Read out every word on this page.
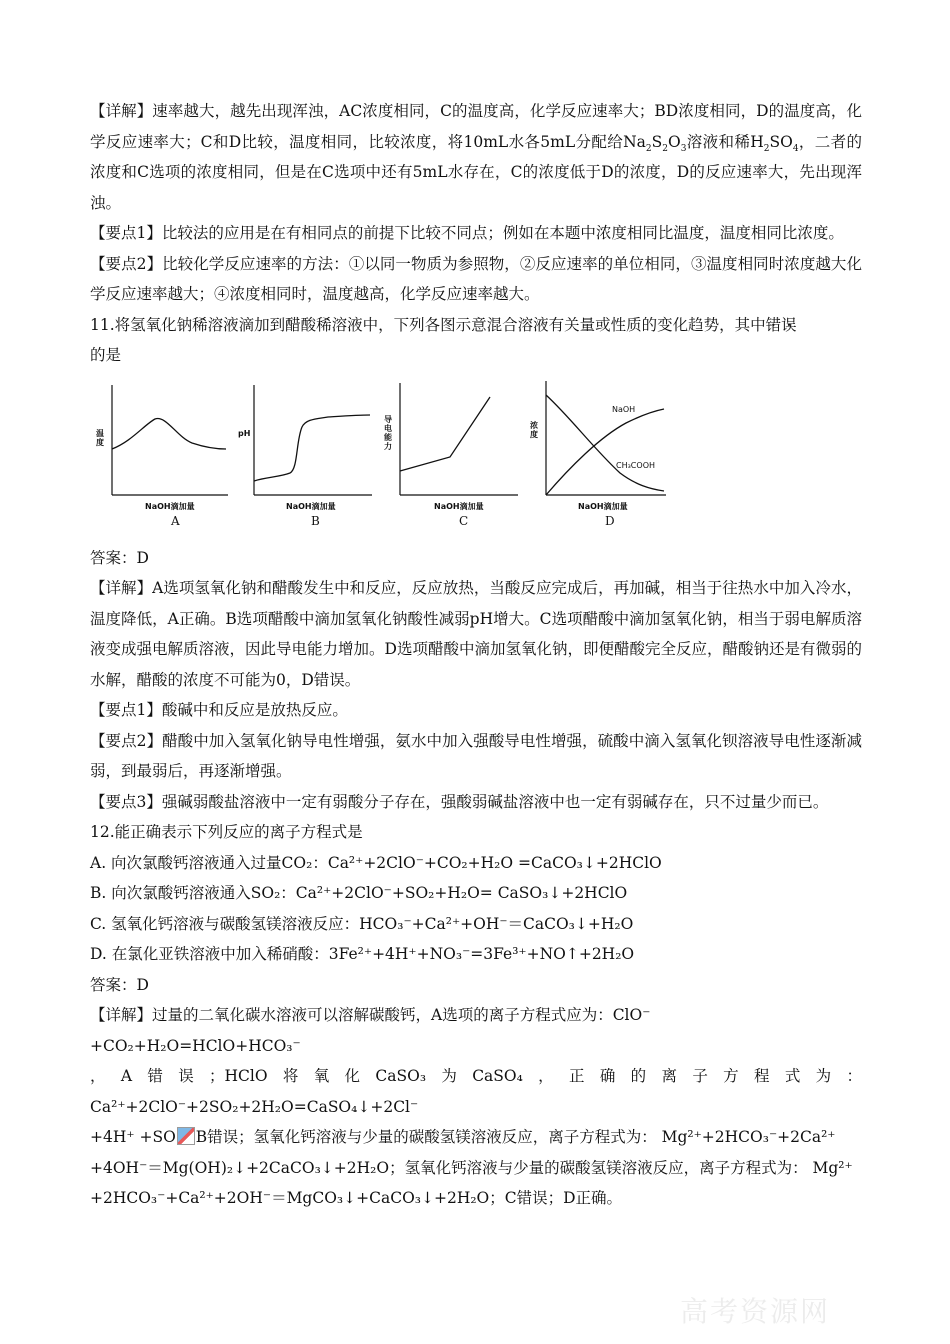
【详解】速率越大，越先出现浑浊，AC浓度相同，C的温度高，化学反应速率大；BD浓度相同，D的温度高，化学反应速率大；C和D比较，温度相同，比较浓度，将10mL水各5mL分配给$Na_2S_2O_3$溶液和稀$H_2SO_4$，二者的浓度和C选项的浓度相同，但是在C选项中还有5mL水存在，C的浓度低于D的浓度，D的反应速率大，先出现浑浊。

【要点1】比较法的应用是在有相同点的前提下比较不同点；例如在本题中浓度相同比温度，温度相同比浓度。

【要点2】比较化学反应速率的方法：①以同一物质为参照物，②反应速率的单位相同，③温度相同时浓度越大化学反应速率越大；④浓度相同时，温度越高，化学反应速率越大。

11.将氢氧化钠稀溶液滴加到醋酸稀溶液中，下列各图示意混合溶液有关量或性质的变化趋势，其中错 •误 •
的是

温度
NaOH滴加量
A
pH
NaOH滴加量
B
导电能力
NaOH滴加量
C
浓度
NaOH
CH₃COOH
NaOH滴加量
D

答案：D

【详解】A选项氢氧化钠和醋酸发生中和反应，反应放热，当酸反应完成后，再加碱，相当于往热水中加入冷水，温度降低，A正确。B选项醋酸中滴加氢氧化钠酸性减弱pH增大。C选项醋酸中滴加氢氧化钠，相当于弱电解质溶液变成强电解质溶液，因此导电能力增加。D选项醋酸中滴加氢氧化钠，即便醋酸完全反应，醋酸钠还是有微弱的水解，醋酸的浓度不可能为0，D错误。

【要点1】酸碱中和反应是放热反应。

【要点2】醋酸中加入氢氧化钠导电性增强，氨水中加入强酸导电性增强，硫酸中滴入氢氧化钡溶液导电性逐渐减弱，到最弱后，再逐渐增强。

【要点3】强碱弱酸盐溶液中一定有弱酸分子存在，强酸弱碱盐溶液中也一定有弱碱存在，只不过量少而已。

12.能正确表示下列反应的离子方程式是

A. 向次氯酸钙溶液通入过量CO₂：Ca²⁺+2ClO⁻+CO₂+H₂O =CaCO₃↓+2HClO

B. 向次氯酸钙溶液通入SO₂：Ca²⁺+2ClO⁻+SO₂+H₂O= CaSO₃↓+2HClO

C. 氢氧化钙溶液与碳酸氢镁溶液反应：HCO₃⁻+Ca²⁺+OH⁻＝CaCO₃↓+H₂O

D. 在氯化亚铁溶液中加入稀硝酸：3Fe²⁺+4H⁺+NO₃⁻=3Fe³⁺+NO↑+2H₂O

答案：D

【详解】过量的二氧化碳水溶液可以溶解碳酸钙，A选项的离子方程式应为：ClO⁻

+CO₂+H₂O=HClO+HCO₃⁻

，A错误；HClO将氧化CaSO₃为CaSO₄，正确的离子方程式为：Ca²⁺+2ClO⁻+2SO₂+2H₂O=CaSO₄↓+2Cl⁻

+4H⁺ +SO B错误；氢氧化钙溶液与少量的碳酸氢镁溶液反应，离子方程式为： Mg²⁺+2HCO₃⁻+2Ca²⁺

+4OH⁻＝Mg(OH)₂↓+2CaCO₃↓+2H₂O；氢氧化钙溶液与少量的碳酸氢镁溶液反应，离子方程式为： Mg²⁺

+2HCO₃⁻+Ca²⁺+2OH⁻＝MgCO₃↓+CaCO₃↓+2H₂O；C错误；D正确。

高考资源网
